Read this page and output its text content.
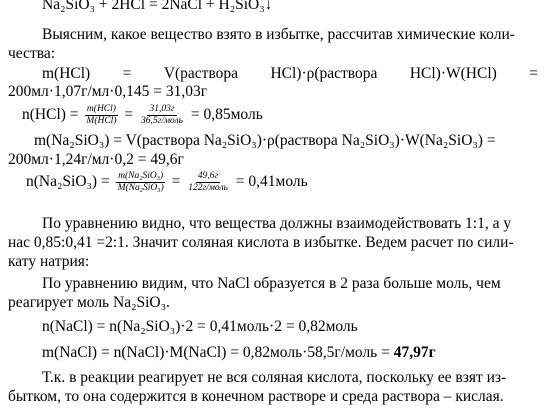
Na₂SiO₃ + 2HCl = 2NaCl + H₂SiO₃↓
Выясним, какое вещество взято в избытке, рассчитав химические коли-
чества:
m(HCl) = V(раствора HCl)·ρ(раствора HCl)·W(HCl) =
200мл·1,07г/мл·0,145 = 31,03г
$n(HCl) = \frac{\text{m(HCl)}}{\text{M(HCl)}} = \frac{31,03г}{\text{36,5г/моль}}$ = 0,85моль
m(Na₂SiO₃) = V(раствора Na₂SiO₃)·ρ(раствора Na₂SiO₃)·W(Na₂SiO₃) =
200мл·1,24г/мл·0,2 = 49,6г
$n(Na_2SiO_3) = \frac{\text{m(Na₂SiO₃)}}{\text{M(Na₂SiO₃)}} = \frac{49,6г}{\text{122г/моль}}$ = 0,41моль
По уравнению видно, что вещества должны взаимодействовать 1:1, а у
нас 0,85:0,41 =2:1. Значит соляная кислота в избытке. Ведем расчет по сили-
кату натрия:
По уравнению видим, что NaCl образуется в 2 раза больше моль, чем
реагирует моль Na₂SiO₃.
n(NaCl) = n(Na₂SiO₃)·2 = 0,41моль·2 = 0,82моль
m(NaCl) = n(NaCl)·M(NaCl) = 0,82моль·58,5г/моль = 47,97г
Т.к. в реакции реагирует не вся соляная кислота, поскольку ее взят из-
бытком, то она содержится в конечном растворе и среда раствора – кислая.
